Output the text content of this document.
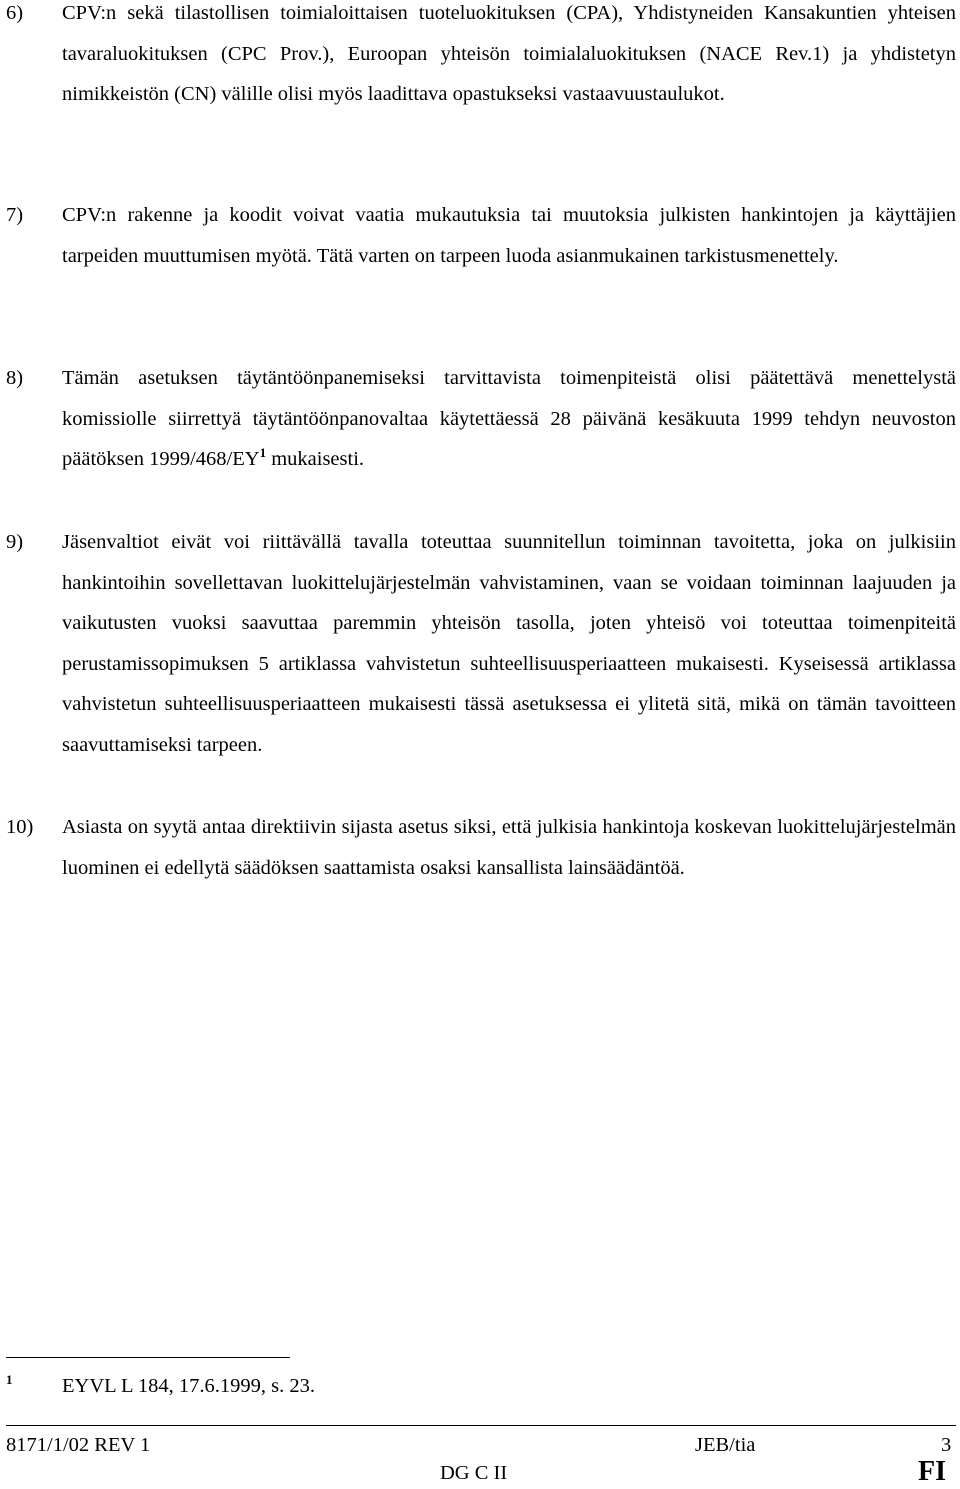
6) CPV:n sekä tilastollisen toimialoittaisen tuoteluokituksen (CPA), Yhdistyneiden Kansakuntien yhteisen tavaraluokituksen (CPC Prov.), Euroopan yhteisön toimialaluokituksen (NACE Rev.1) ja yhdistetyn nimikkeistön (CN) välille olisi myös laadittava opastukseksi vastaavuustaulukot.
7) CPV:n rakenne ja koodit voivat vaatia mukautuksia tai muutoksia julkisten hankintojen ja käyttäjien tarpeiden muuttumisen myötä. Tätä varten on tarpeen luoda asianmukainen tarkistusmenettely.
8) Tämän asetuksen täytäntöönpanemiseksi tarvittavista toimenpiteistä olisi päätettävä menettelystä komissiolle siirrettyä täytäntöönpanovaltaa käytettäessä 28 päivänä kesäkuuta 1999 tehdyn neuvoston päätöksen $1999/468/EY^1$ mukaisesti.
9) Jäsenvaltiot eivät voi riittävällä tavalla toteuttaa suunnitellun toiminnan tavoitetta, joka on julkisiin hankintoihin sovellettavan luokittelujärjestelmän vahvistaminen, vaan se voidaan toiminnan laajuuden ja vaikutusten vuoksi saavuttaa paremmin yhteisön tasolla, joten yhteisö voi toteuttaa toimenpiteitä perustamissopimuksen 5 artiklassa vahvistetun suhteellisuusperiaatteen mukaisesti. Kyseisessä artiklassa vahvistetun suhteellisuusperiaatteen mukaisesti tässä asetuksessa ei ylitetä sitä, mikä on tämän tavoitteen saavuttamiseksi tarpeen.
10) Asiasta on syytä antaa direktiivin sijasta asetus siksi, että julkisia hankintoja koskevan luokittelujärjestelmän luominen ei edellytä säädöksen saattamista osaksi kansallista lainsäädäntöä.
1 EYVL L 184, 17.6.1999, s. 23.
8171/1/02 REV 1	JEB/tia	3
DG C II	FI
